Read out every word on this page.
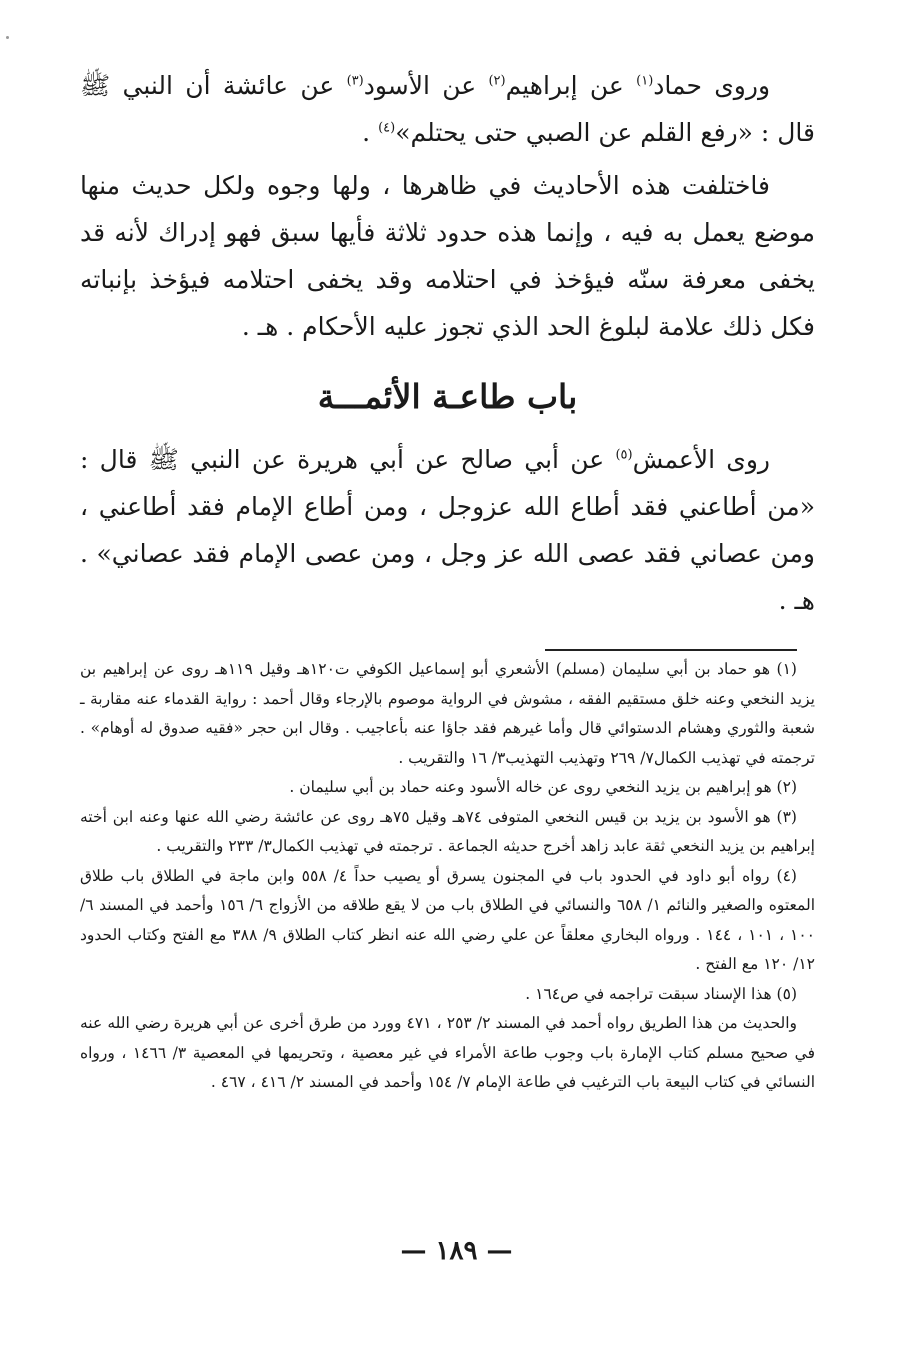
وروى حماد$^{(١)}$ عن إبراهيم$^{(٢)}$ عن الأسود$^{(٣)}$ عن عائشة أن النبي ﷺ قال : «رفع القلم عن الصبي حتى يحتلم»$^{(٤)}$ .

فاختلفت هذه الأحاديث في ظاهرها ، ولها وجوه ولكل حديث منها موضع يعمل به فيه ، وإنما هذه حدود ثلاثة فأيها سبق فهو إدراك لأنه قد يخفى معرفة سنّه فيؤخذ في احتلامه وقد يخفى احتلامه فيؤخذ بإنباته فكل ذلك علامة لبلوغ الحد الذي تجوز عليه الأحكام . هـ .

باب طاعـة الأئمـــة

روى الأعمش$^{(٥)}$ عن أبي صالح عن أبي هريرة عن النبي ﷺ قال : «من أطاعني فقد أطاع الله عزوجل ، ومن أطاع الإمام فقد أطاعني ، ومن عصاني فقد عصى الله عز وجل ، ومن عصى الإمام فقد عصاني» . هـ .

(١) هو حماد بن أبي سليمان (مسلم) الأشعري أبو إسماعيل الكوفي ت١٢٠هـ وقيل ١١٩هـ روى عن إبراهيم بن يزيد النخعي وعنه خلق مستقيم الفقه ، مشوش في الرواية موصوم بالإرجاء وقال أحمد : رواية القدماء عنه مقاربة ـ شعبة والثوري وهشام الدستوائي قال وأما غيرهم فقد جاؤا عنه بأعاجيب . وقال ابن حجر «فقيه صدوق له أوهام» . ترجمته في تهذيب الكمال٧/ ٢٦٩ وتهذيب التهذيب٣/ ١٦ والتقريب .

(٢) هو إبراهيم بن يزيد النخعي روى عن خاله الأسود وعنه حماد بن أبي سليمان .

(٣) هو الأسود بن يزيد بن قيس النخعي المتوفى ٧٤هـ وقيل ٧٥هـ روى عن عائشة رضي الله عنها وعنه ابن أخته إبراهيم بن يزيد النخعي ثقة عابد زاهد أخرج حديثه الجماعة . ترجمته في تهذيب الكمال٣/ ٢٣٣ والتقريب .

(٤) رواه أبو داود في الحدود باب في المجنون يسرق أو يصيب حداً ٤/ ٥٥٨ وابن ماجة في الطلاق باب طلاق المعتوه والصغير والنائم ١/ ٦٥٨ والنسائي في الطلاق باب من لا يقع طلاقه من الأزواج ٦/ ١٥٦ وأحمد في المسند ٦/ ١٠٠ ، ١٠١ ، ١٤٤ . ورواه البخاري معلقاً عن علي رضي الله عنه انظر كتاب الطلاق ٩/ ٣٨٨ مع الفتح وكتاب الحدود ١٢/ ١٢٠ مع الفتح .

(٥) هذا الإسناد سبقت تراجمه في ص١٦٤ .

والحديث من هذا الطريق رواه أحمد في المسند ٢/ ٢٥٣ ، ٤٧١ وورد من طرق أخرى عن أبي هريرة رضي الله عنه في صحيح مسلم كتاب الإمارة باب وجوب طاعة الأمراء في غير معصية ، وتحريمها في المعصية ٣/ ١٤٦٦ ، ورواه النسائي في كتاب البيعة باب الترغيب في طاعة الإمام ٧/ ١٥٤ وأحمد في المسند ٢/ ٤١٦ ، ٤٦٧ .

— ١٨٩ —
